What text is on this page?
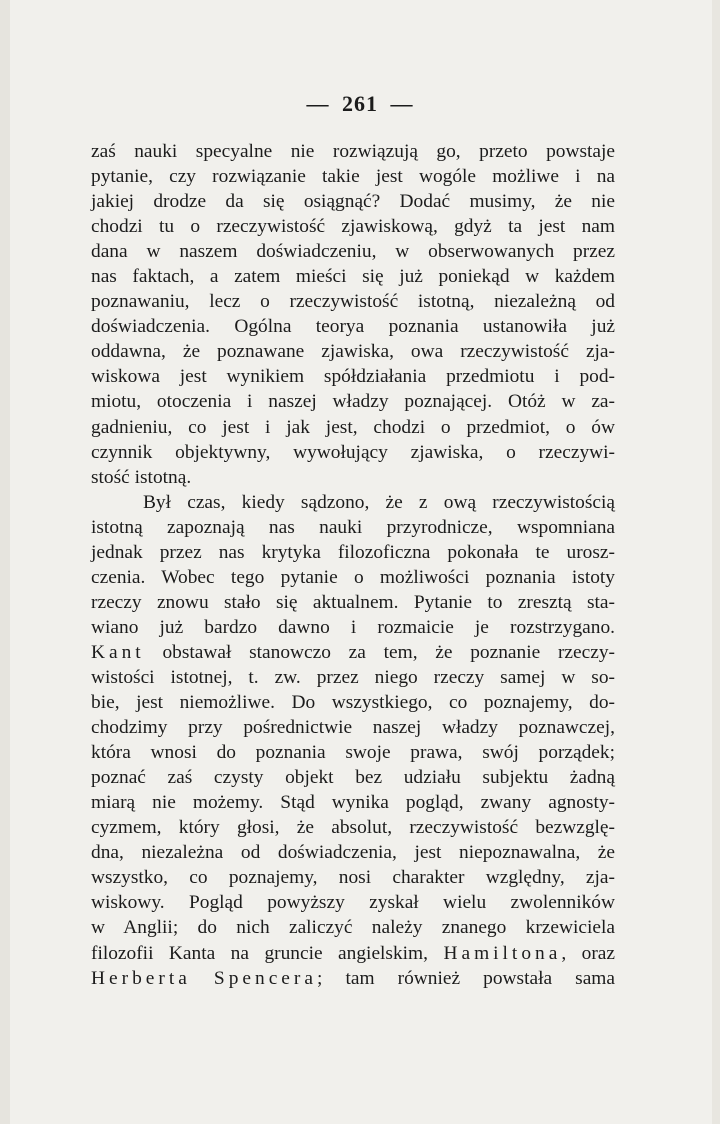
— 261 —
zaś nauki specyalne nie rozwiązują go, przeto powstaje
pytanie, czy rozwiązanie takie jest wogóle możliwe i na
jakiej drodze da się osiągnąć? Dodać musimy, że nie
chodzi tu o rzeczywistość zjawiskową, gdyż ta jest nam
dana w naszem doświadczeniu, w obserwowanych przez
nas faktach, a zatem mieści się już poniekąd w każdem
poznawaniu, lecz o rzeczywistość istotną, niezależną od
doświadczenia. Ogólna teorya poznania ustanowiła już
oddawna, że poznawane zjawiska, owa rzeczywistość zja-
wiskowa jest wynikiem spółdziałania przedmiotu i pod-
miotu, otoczenia i naszej władzy poznającej. Otóż w za-
gadnieniu, co jest i jak jest, chodzi o przedmiot, o ów
czynnik objektywny, wywołujący zjawiska, o rzeczywi-
stość istotną.
Był czas, kiedy sądzono, że z ową rzeczywistością
istotną zapoznają nas nauki przyrodnicze, wspomniana
jednak przez nas krytyka filozoficzna pokonała te urosz-
czenia. Wobec tego pytanie o możliwości poznania istoty
rzeczy znowu stało się aktualnem. Pytanie to zresztą sta-
wiano już bardzo dawno i rozmaicie je rozstrzygano.
Kant obstawał stanowczo za tem, że poznanie rzeczy-
wistości istotnej, t. zw. przez niego rzeczy samej w so-
bie, jest niemożliwe. Do wszystkiego, co poznajemy, do-
chodzimy przy pośrednictwie naszej władzy poznawczej,
która wnosi do poznania swoje prawa, swój porządek;
poznać zaś czysty objekt bez udziału subjektu żadną
miarą nie możemy. Stąd wynika pogląd, zwany agnosty-
cyzmem, który głosi, że absolut, rzeczywistość bezwzglę-
dna, niezależna od doświadczenia, jest niepoznawalna, że
wszystko, co poznajemy, nosi charakter względny, zja-
wiskowy. Pogląd powyższy zyskał wielu zwolenników
w Anglii; do nich zaliczyć należy znanego krzewiciela
filozofii Kanta na gruncie angielskim, Hamiltona, oraz
Herberta Spencera; tam również powstała sama
